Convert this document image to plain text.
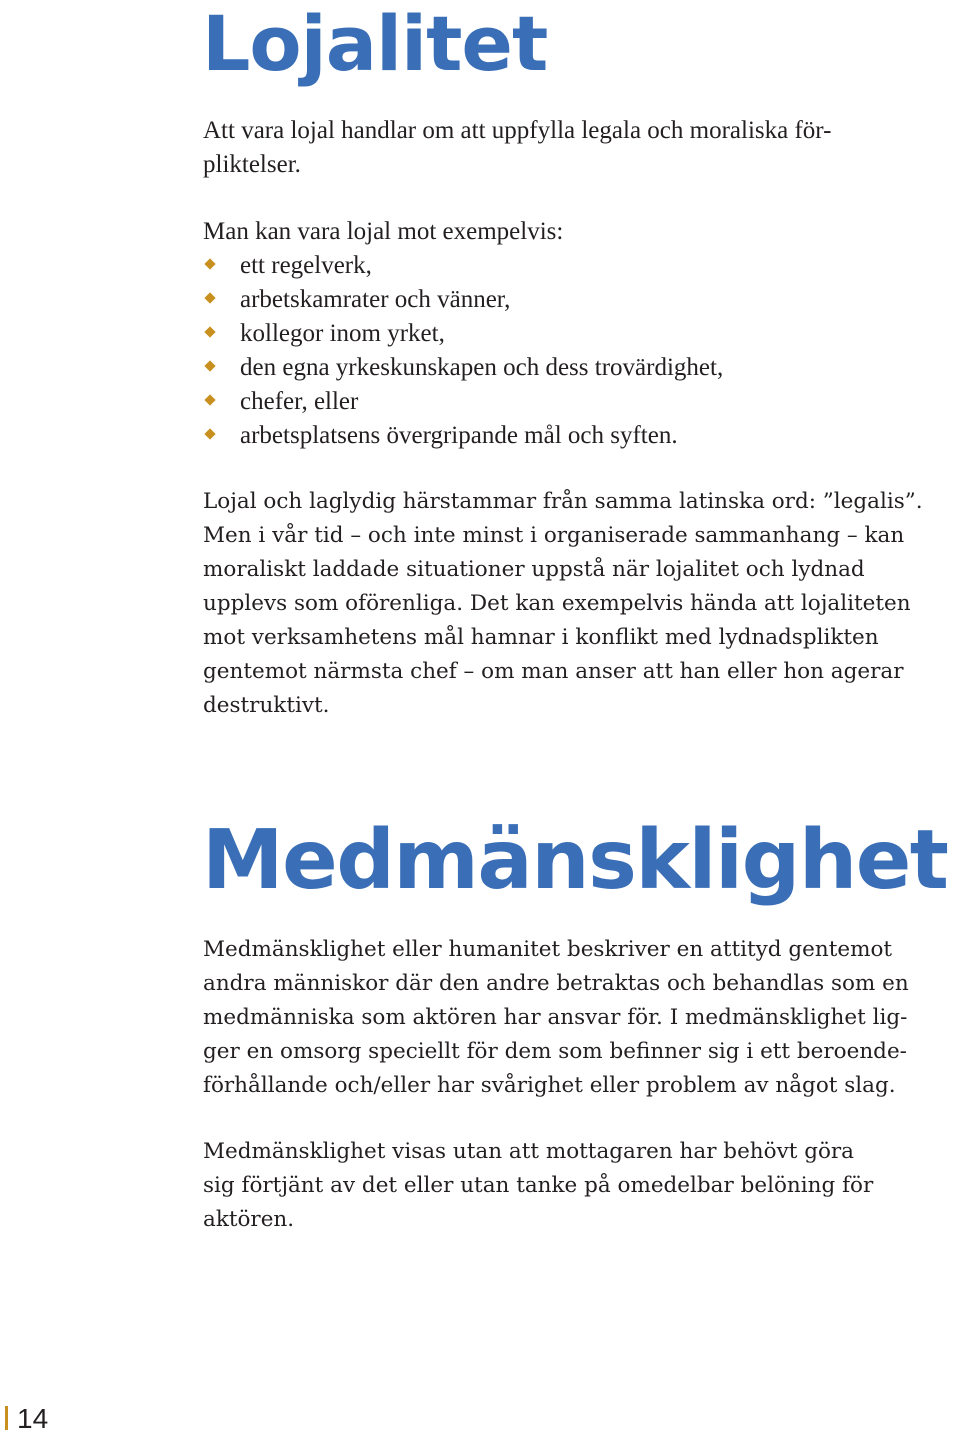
Lojalitet

Att vara lojal handlar om att uppfylla legala och moraliska för-
pliktelser.

Man kan vara lojal mot exempelvis:

ett regelverk,
arbetskamrater och vänner,
kollegor inom yrket,
den egna yrkeskunskapen och dess trovärdighet,
chefer, eller
arbetsplatsens övergripande mål och syften.

Lojal och laglydig härstammar från samma latinska ord: ”legalis”.
Men i vår tid – och inte minst i organiserade sammanhang – kan
moraliskt laddade situationer uppstå när lojalitet och lydnad
upplevs som oförenliga. Det kan exempelvis hända att lojaliteten
mot verksamhetens mål hamnar i konflikt med lydnadsplikten
gentemot närmsta chef – om man anser att han eller hon agerar
destruktivt.

Medmänsklighet

Medmänsklighet eller humanitet beskriver en attityd gentemot
andra människor där den andre betraktas och behandlas som en
medmänniska som aktören har ansvar för. I medmänsklighet lig-
ger en omsorg speciellt för dem som befinner sig i ett beroende-
förhållande och/eller har svårighet eller problem av något slag.

Medmänsklighet visas utan att mottagaren har behövt göra
sig förtjänt av det eller utan tanke på omedelbar belöning för
aktören.

14
